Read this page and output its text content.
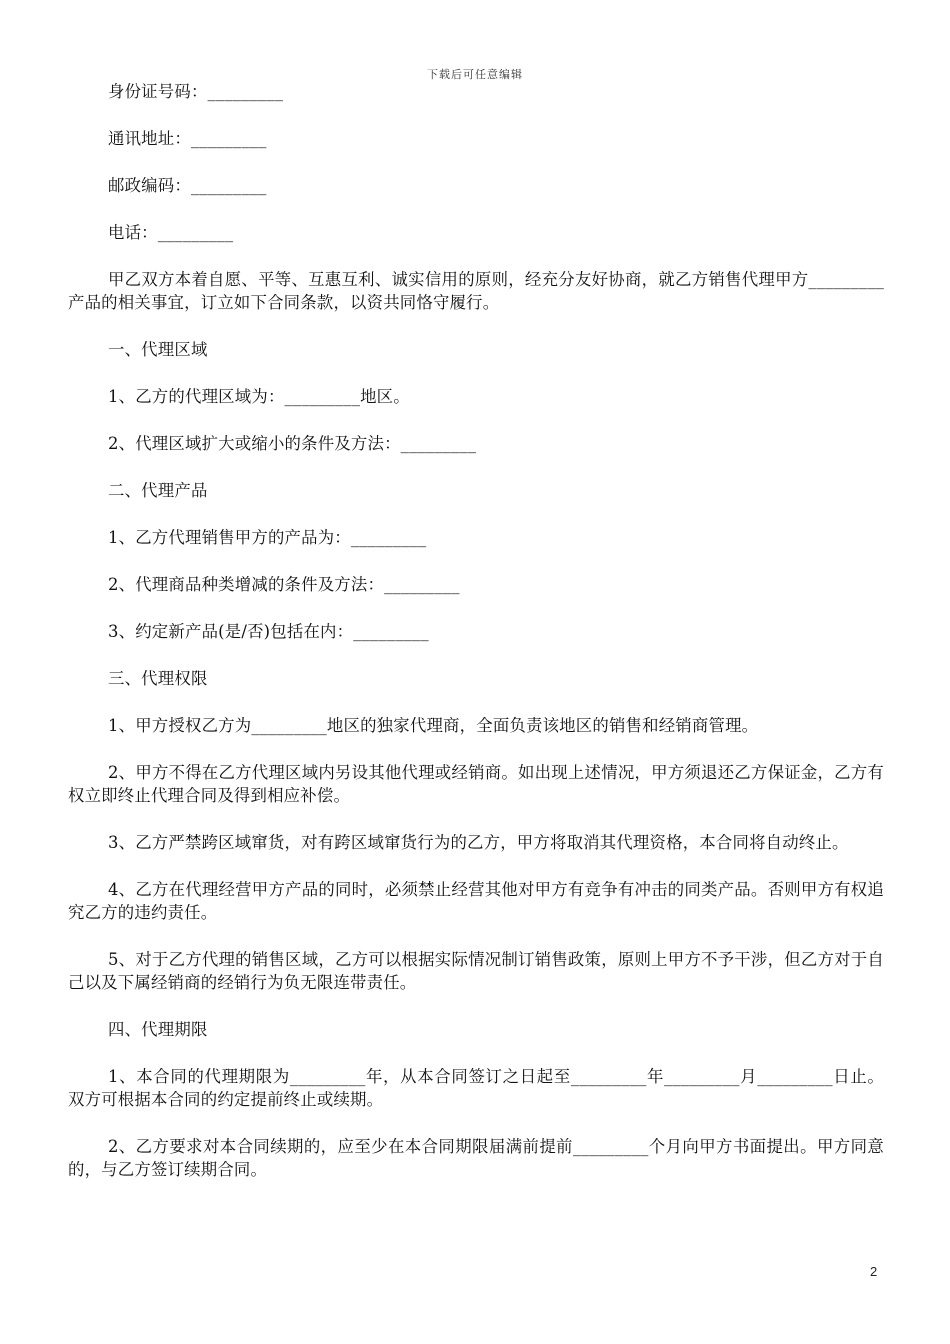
下载后可任意编辑

身份证号码：_________

通讯地址：_________

邮政编码：_________

电话：_________

甲乙双方本着自愿、平等、互惠互利、诚实信用的原则，经充分友好协商，就乙方销售代理甲方_________产品的相关事宜，订立如下合同条款，以资共同恪守履行。

一、代理区域

1、乙方的代理区域为：_________地区。

2、代理区域扩大或缩小的条件及方法：_________

二、代理产品

1、乙方代理销售甲方的产品为：_________

2、代理商品种类增减的条件及方法：_________

3、约定新产品(是/否)包括在内：_________

三、代理权限

1、甲方授权乙方为_________地区的独家代理商，全面负责该地区的销售和经销商管理。

2、甲方不得在乙方代理区域内另设其他代理或经销商。如出现上述情况，甲方须退还乙方保证金，乙方有权立即终止代理合同及得到相应补偿。

3、乙方严禁跨区域窜货，对有跨区域窜货行为的乙方，甲方将取消其代理资格，本合同将自动终止。

4、乙方在代理经营甲方产品的同时，必须禁止经营其他对甲方有竞争有冲击的同类产品。否则甲方有权追究乙方的违约责任。

5、对于乙方代理的销售区域，乙方可以根据实际情况制订销售政策，原则上甲方不予干涉，但乙方对于自己以及下属经销商的经销行为负无限连带责任。

四、代理期限

1、本合同的代理期限为_________年，从本合同签订之日起至_________年_________月_________日止。双方可根据本合同的约定提前终止或续期。

2、乙方要求对本合同续期的，应至少在本合同期限届满前提前_________个月向甲方书面提出。甲方同意的，与乙方签订续期合同。

2
